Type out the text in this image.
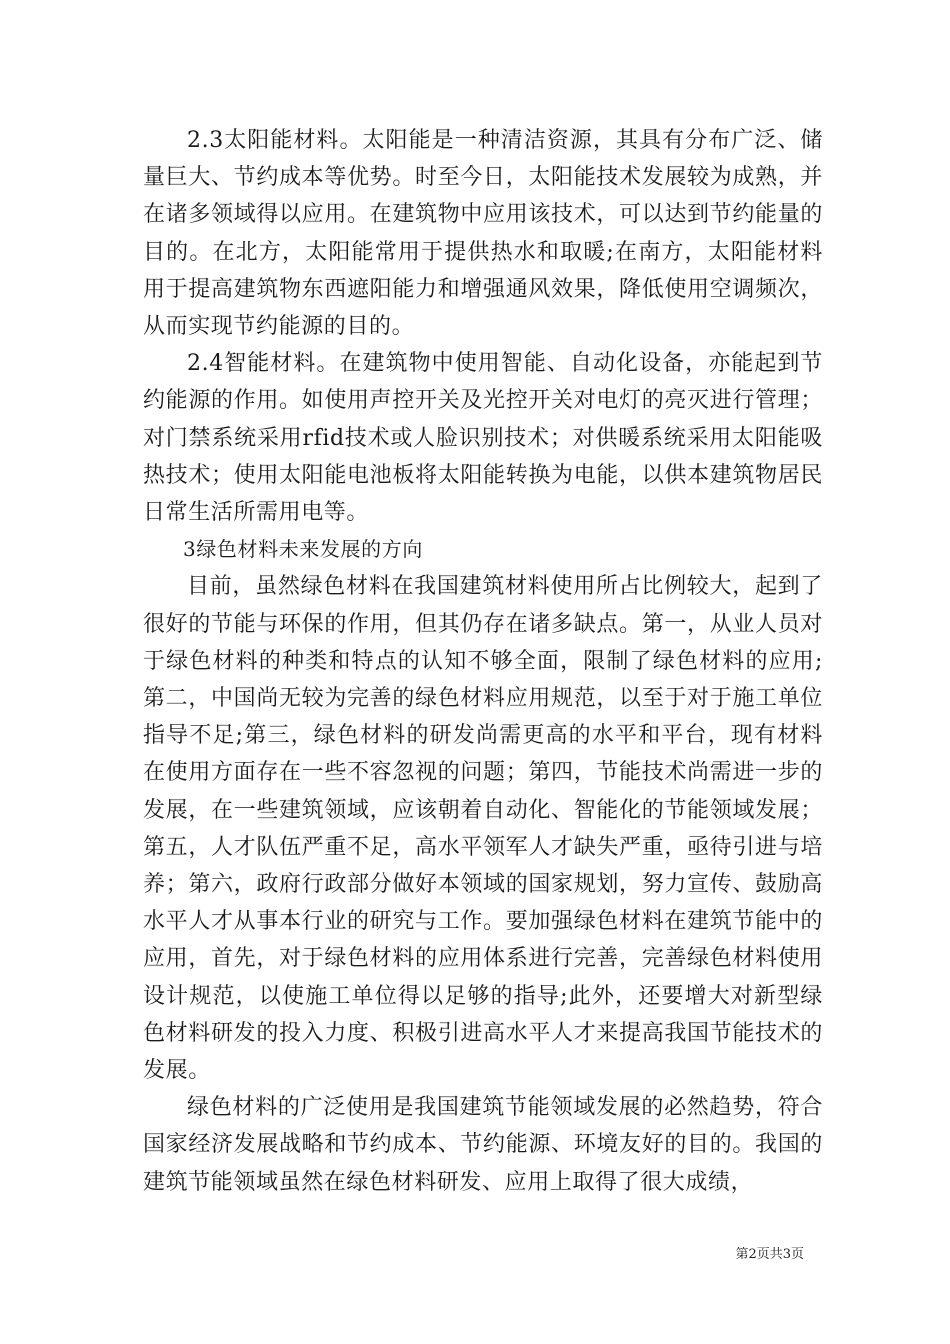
2.3太阳能材料。太阳能是一种清洁资源，其具有分布广泛、储量巨大、节约成本等优势。时至今日，太阳能技术发展较为成熟，并在诸多领域得以应用。在建筑物中应用该技术，可以达到节约能量的目的。在北方，太阳能常用于提供热水和取暖;在南方，太阳能材料用于提高建筑物东西遮阳能力和增强通风效果，降低使用空调频次，从而实现节约能源的目的。

2.4智能材料。在建筑物中使用智能、自动化设备，亦能起到节约能源的作用。如使用声控开关及光控开关对电灯的亮灭进行管理；对门禁系统采用rfid技术或人脸识别技术；对供暖系统采用太阳能吸热技术；使用太阳能电池板将太阳能转换为电能，以供本建筑物居民日常生活所需用电等。

3绿色材料未来发展的方向

目前，虽然绿色材料在我国建筑材料使用所占比例较大，起到了很好的节能与环保的作用，但其仍存在诸多缺点。第一，从业人员对于绿色材料的种类和特点的认知不够全面，限制了绿色材料的应用;第二，中国尚无较为完善的绿色材料应用规范，以至于对于施工单位指导不足;第三，绿色材料的研发尚需更高的水平和平台，现有材料在使用方面存在一些不容忽视的问题；第四，节能技术尚需进一步的发展，在一些建筑领域，应该朝着自动化、智能化的节能领域发展；第五，人才队伍严重不足，高水平领军人才缺失严重，亟待引进与培养；第六，政府行政部分做好本领域的国家规划，努力宣传、鼓励高水平人才从事本行业的研究与工作。要加强绿色材料在建筑节能中的应用，首先，对于绿色材料的应用体系进行完善，完善绿色材料使用设计规范，以使施工单位得以足够的指导;此外，还要增大对新型绿色材料研发的投入力度、积极引进高水平人才来提高我国节能技术的发展。

绿色材料的广泛使用是我国建筑节能领域发展的必然趋势，符合国家经济发展战略和节约成本、节约能源、环境友好的目的。我国的建筑节能领域虽然在绿色材料研发、应用上取得了很大成绩，

第2页共3页
